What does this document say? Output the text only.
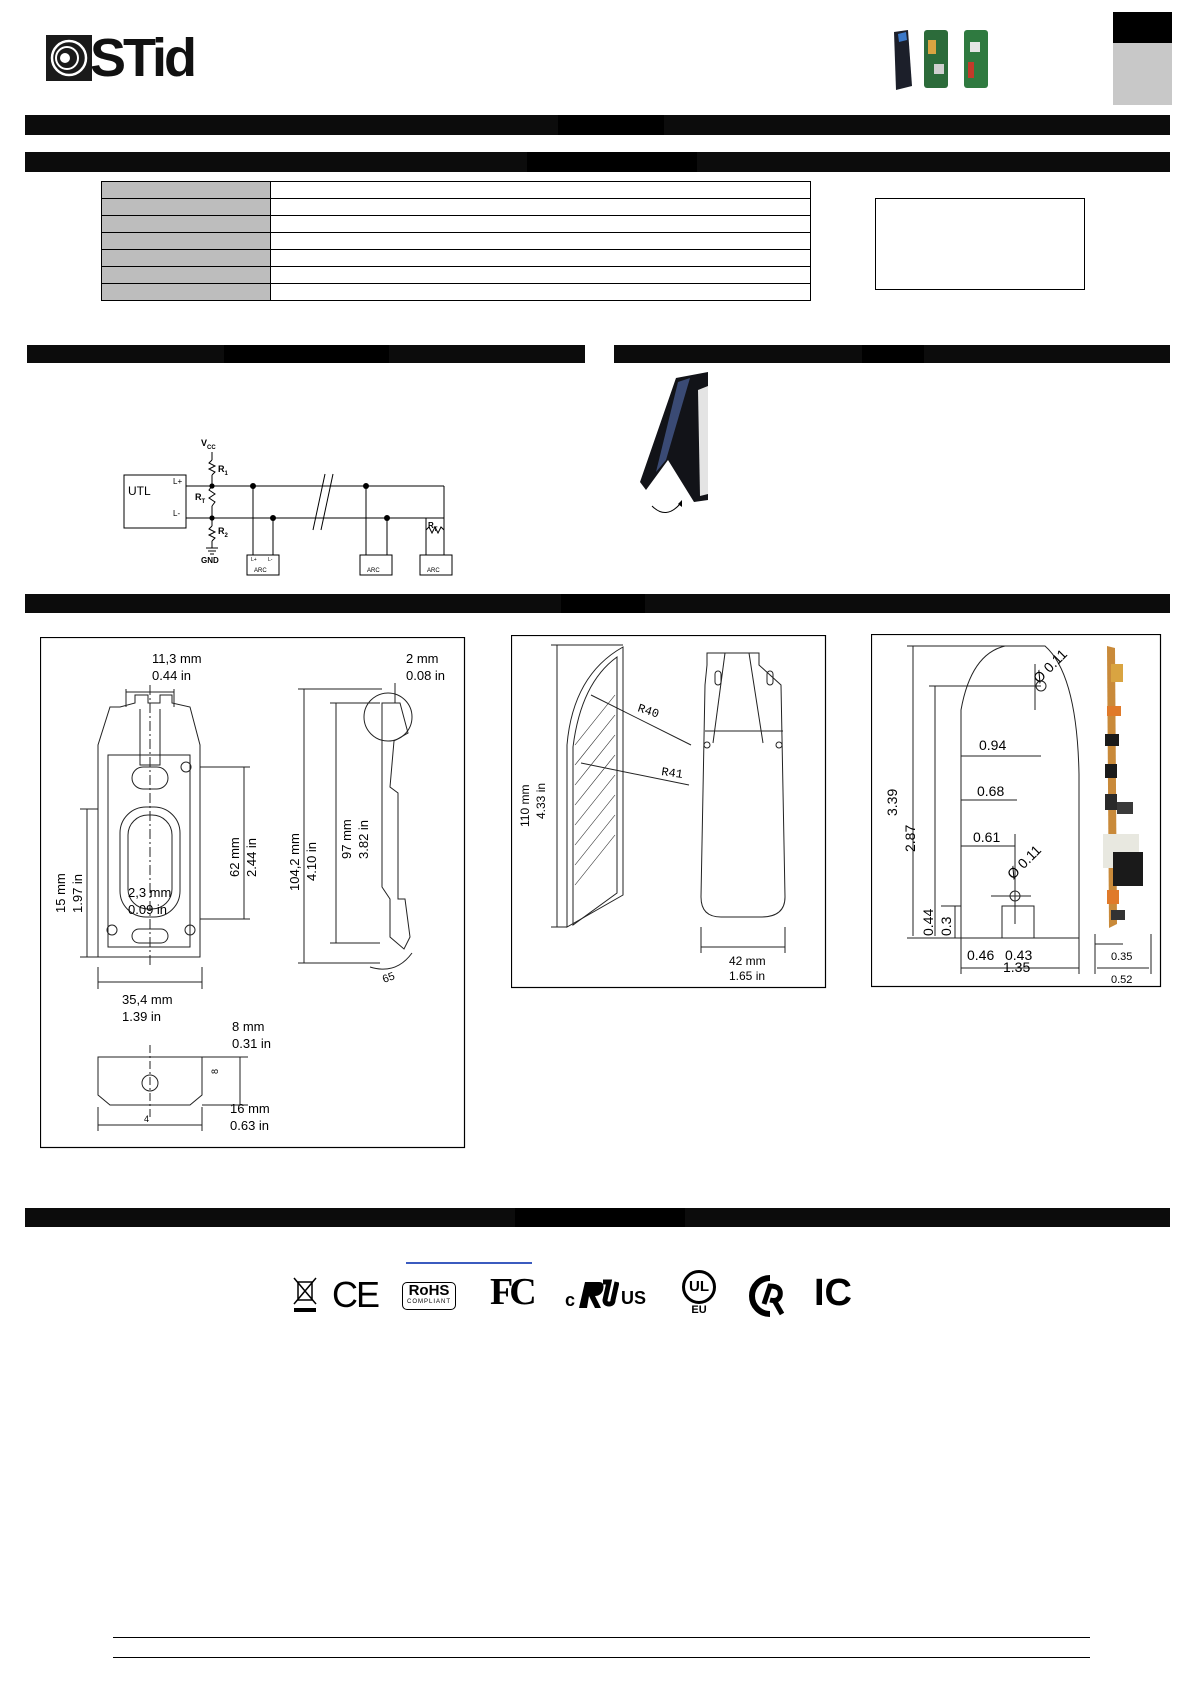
STid

$V_{CC}$
UTL
L+
L-
$R_1$
$R_T$
$R_2$
GND
$R_T$
L+ L-
ARC	ARC	ARC
11,3 mm
0.44 in
2 mm
0.08 in
15 mm 1.97 in	2,3 mm
0.09 in
62 mm 2.44 in 104,2 mm 4.10 in
97 mm 3.82 in
35,4 mm
1.39 in
8 mm
0.31 in
16 mm
0.63 in
65
8
4
110 mm 4.33 in
R40
R41
42 mm
1.65 in
3.39
2.87
Ø 0.11
0.94
0.68
0.61
Ø 0.11
0.44 0.3
0.46 0.43
1.35
0.35
0.52
CE	RoHS
COMPLIANT FC c	US
UL
EU	IC
